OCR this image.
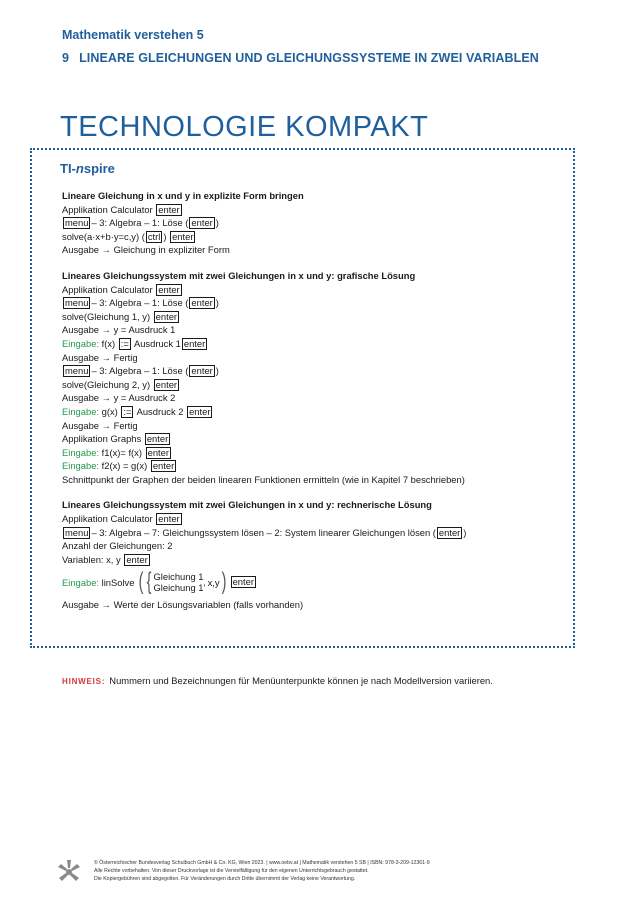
Mathematik verstehen 5
9 LINEARE GLEICHUNGEN UND GLEICHUNGSSYSTEME IN ZWEI VARIABLEN
TECHNOLOGIE KOMPAKT
TI-nspire
Lineare Gleichung in x und y in explizite Form bringen
Applikation Calculator enter
menu – 3: Algebra – 1: Löse ( enter )
solve(a·x+b·y=c,y) ( ctrl ) enter
Ausgabe → Gleichung in expliziter Form
Lineares Gleichungssystem mit zwei Gleichungen in x und y: grafische Lösung
Applikation Calculator enter
menu – 3: Algebra – 1: Löse ( enter )
solve(Gleichung 1, y) enter
Ausgabe → y = Ausdruck 1
Eingabe: f(x) := Ausdruck 1 enter
Ausgabe → Fertig
menu – 3: Algebra – 1: Löse ( enter )
solve(Gleichung 2, y) enter
Ausgabe → y = Ausdruck 2
Eingabe: g(x) := Ausdruck 2 enter
Ausgabe → Fertig
Applikation Graphs enter
Eingabe: f1(x)= f(x) enter
Eingabe: f2(x) = g(x) enter
Schnittpunkt der Graphen der beiden linearen Funktionen ermitteln (wie in Kapitel 7 beschrieben)
Lineares Gleichungssystem mit zwei Gleichungen in x und y: rechnerische Lösung
Applikation Calculator enter
menu – 3: Algebra – 7: Gleichungssystem lösen – 2: System linearer Gleichungen lösen ( enter )
Anzahl der Gleichungen: 2
Variablen: x, y enter
Eingabe:
linSolve ( { Gleichung 1
Gleichung 1’
x,y ) enter
Ausgabe → Werte der Lösungsvariablen (falls vorhanden)
HINWEIS: Nummern und Bezeichnungen für Menüunterpunkte können je nach Modellversion variieren.
© Österreichischer Bundesverlag Schulbuch GmbH & Co. KG, Wien 2023. | www.oebv.at | Mathematik verstehen 5 SB | ISBN: 978-3-209-12361-9
Alle Rechte vorbehalten. Von dieser Druckvorlage ist die Vervielfältigung für den eigenen Unterrichtsgebrauch gestattet.
Die Kopiergebühren sind abgegolten. Für Veränderungen durch Dritte übernimmt der Verlag keine Verantwortung.
